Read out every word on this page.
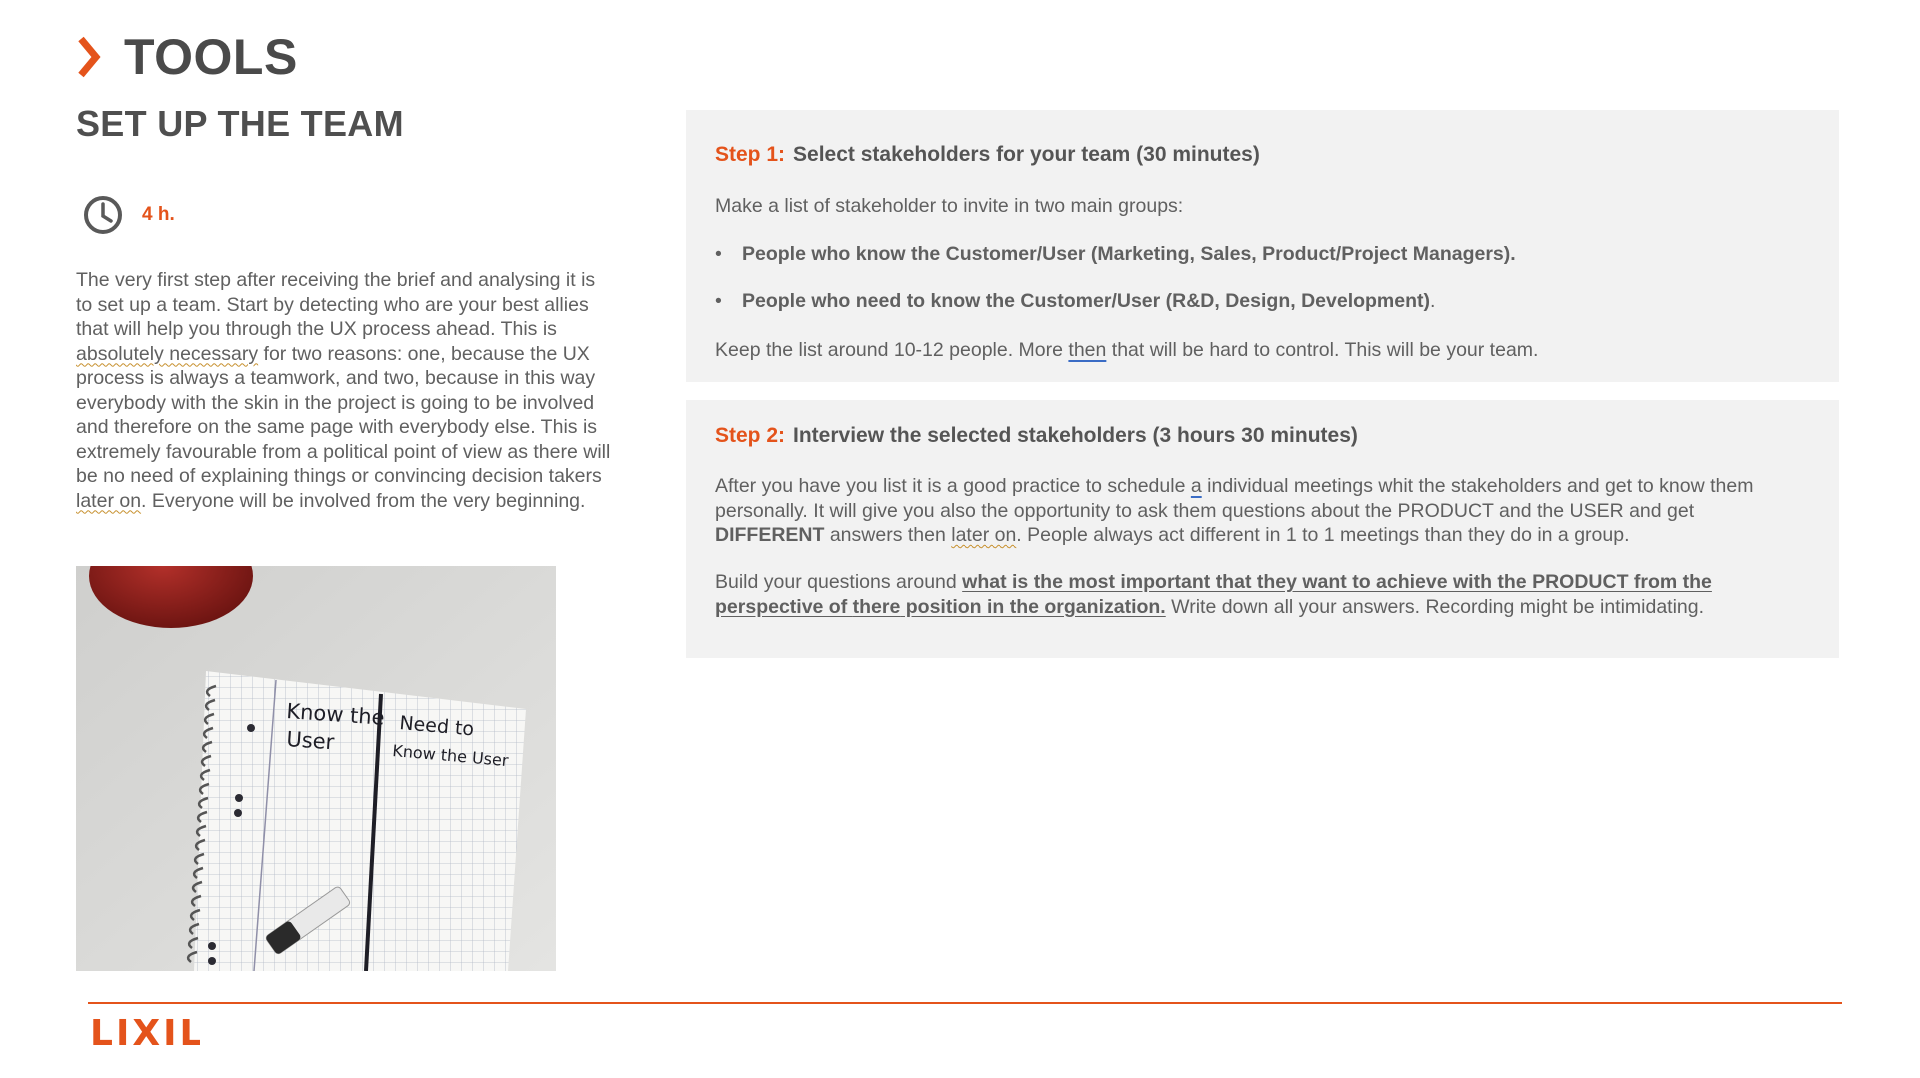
TOOLS
SET UP THE TEAM
4 h.

The very first step after receiving the brief and analysing it is to set up a team. Start by detecting who are your best allies that will help you through the UX process ahead. This is absolutely necessary for two reasons: one, because the UX process is always a teamwork, and two, because in this way everybody with the skin in the project is going to be involved and therefore on the same page with everybody else. This is extremely favourable from a political point of view as there will be no need of explaining things or convincing decision takers later on. Everyone will be involved from the very beginning.

Know the
User
Need to
Know the User
Step 1: Select stakeholders for your team (30 minutes)

Make a list of stakeholder to invite in two main groups:

•	People who know the Customer/User (Marketing, Sales, Product/Project Managers).
•	People who need to know the Customer/User (R&D, Design, Development) .

Keep the list around 10-12 people. More then that will be hard to control. This will be your team.

Step 2: Interview the selected stakeholders (3 hours 30 minutes)

After you have you list it is a good practice to schedule a individual meetings whit the stakeholders and get to know them personally. It will give you also the opportunity to ask them questions about the PRODUCT and the USER and get DIFFERENT answers then later on. People always act different in 1 to 1 meetings than they do in a group.

Build your questions around what is the most important that they want to achieve with the PRODUCT from the perspective of there position in the organization. Write down all your answers. Recording might be intimidating.

LIXIL
